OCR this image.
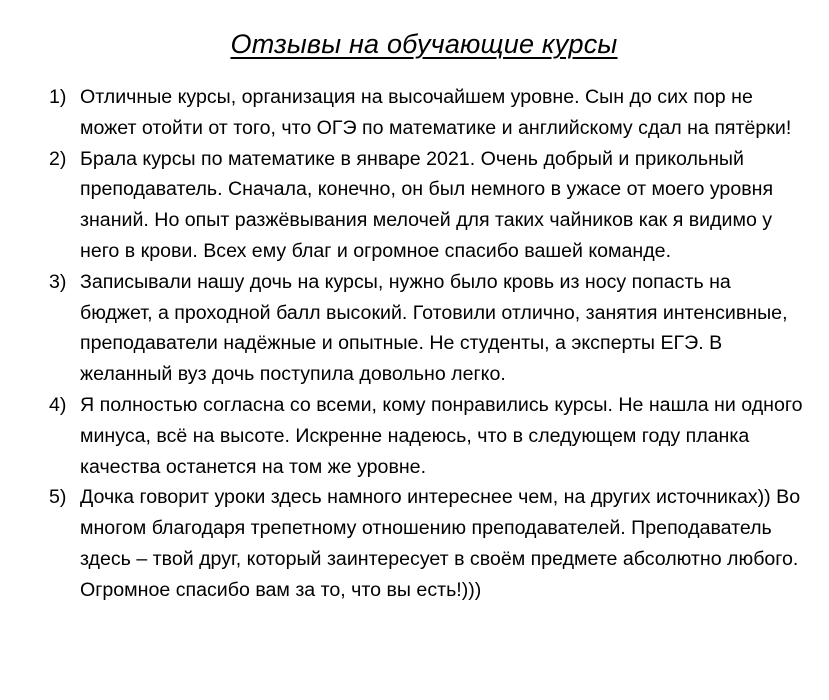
Отзывы на обучающие курсы
1) Отличные курсы, организация на высочайшем уровне. Сын до сих пор не может отойти от того, что ОГЭ по математике и английскому сдал на пятёрки!
2) Брала курсы по математике в январе 2021. Очень добрый и прикольный преподаватель. Сначала, конечно, он был немного в ужасе от моего уровня знаний. Но опыт разжёвывания мелочей для таких чайников как я видимо у него в крови. Всех ему благ и огромное спасибо вашей команде.
3) Записывали нашу дочь на курсы, нужно было кровь из носу попасть на бюджет, а проходной балл высокий. Готовили отлично, занятия интенсивные, преподаватели надёжные и опытные. Не студенты, а эксперты ЕГЭ. В желанный вуз дочь поступила довольно легко.
4) Я полностью согласна со всеми, кому понравились курсы. Не нашла ни одного минуса, всё на высоте. Искренне надеюсь, что в следующем году планка качества останется на том же уровне.
5) Дочка говорит уроки здесь намного интереснее чем, на других источниках)) Во многом благодаря трепетному отношению преподавателей. Преподаватель здесь – твой друг, который заинтересует в своём предмете абсолютно любого. Огромное спасибо вам за то, что вы есть!)))
